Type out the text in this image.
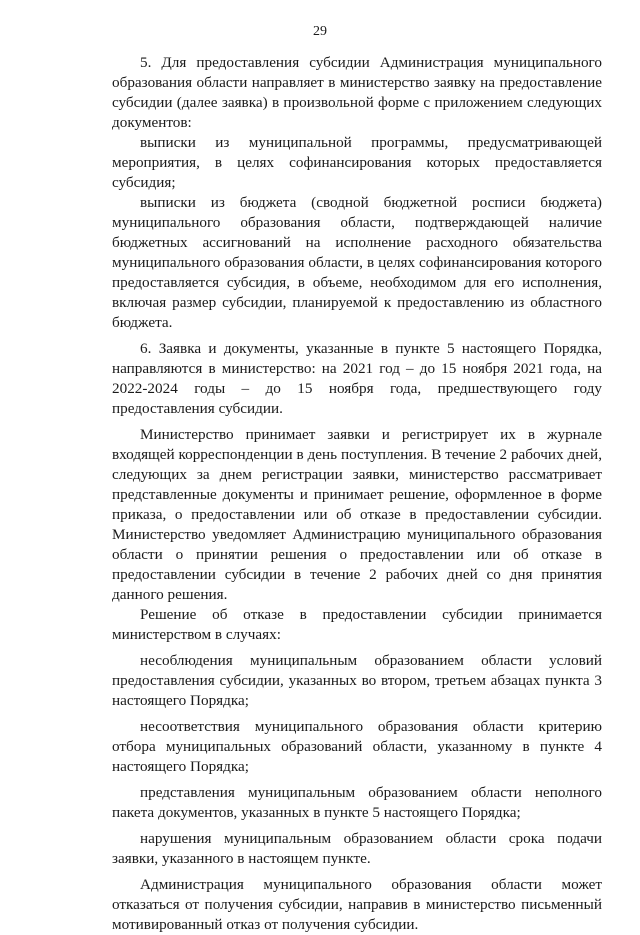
29

5. Для предоставления субсидии Администрация муниципального образования области направляет в министерство заявку на предоставление субсидии (далее заявка) в произвольной форме с приложением следующих документов:

выписки из муниципальной программы, предусматривающей мероприятия, в целях софинансирования которых предоставляется субсидия;

выписки из бюджета (сводной бюджетной росписи бюджета) муниципального образования области, подтверждающей наличие бюджетных ассигнований на исполнение расходного обязательства муниципального образования области, в целях софинансирования которого предоставляется субсидия, в объеме, необходимом для его исполнения, включая размер субсидии, планируемой к предоставлению из областного бюджета.

6. Заявка и документы, указанные в пункте 5 настоящего Порядка, направляются в министерство: на 2021 год – до 15 ноября 2021 года, на 2022-2024 годы – до 15 ноября года, предшествующего году предоставления субсидии.

Министерство принимает заявки и регистрирует их в журнале входящей корреспонденции в день поступления. В течение 2 рабочих дней, следующих за днем регистрации заявки, министерство рассматривает представленные документы и принимает решение, оформленное в форме приказа, о предоставлении или об отказе в предоставлении субсидии. Министерство уведомляет Администрацию муниципального образования области о принятии решения о предоставлении или об отказе в предоставлении субсидии в течение 2 рабочих дней со дня принятия данного решения.

Решение об отказе в предоставлении субсидии принимается министерством в случаях:

несоблюдения муниципальным образованием области условий предоставления субсидии, указанных во втором, третьем абзацах пункта 3 настоящего Порядка;

несоответствия муниципального образования области критерию отбора муниципальных образований области, указанному в пункте 4 настоящего Порядка;

представления муниципальным образованием области неполного пакета документов, указанных в пункте 5 настоящего Порядка;

нарушения муниципальным образованием области срока подачи заявки, указанного в настоящем пункте.

Администрация муниципального образования области может отказаться от получения субсидии, направив в министерство письменный мотивированный отказ от получения субсидии.
